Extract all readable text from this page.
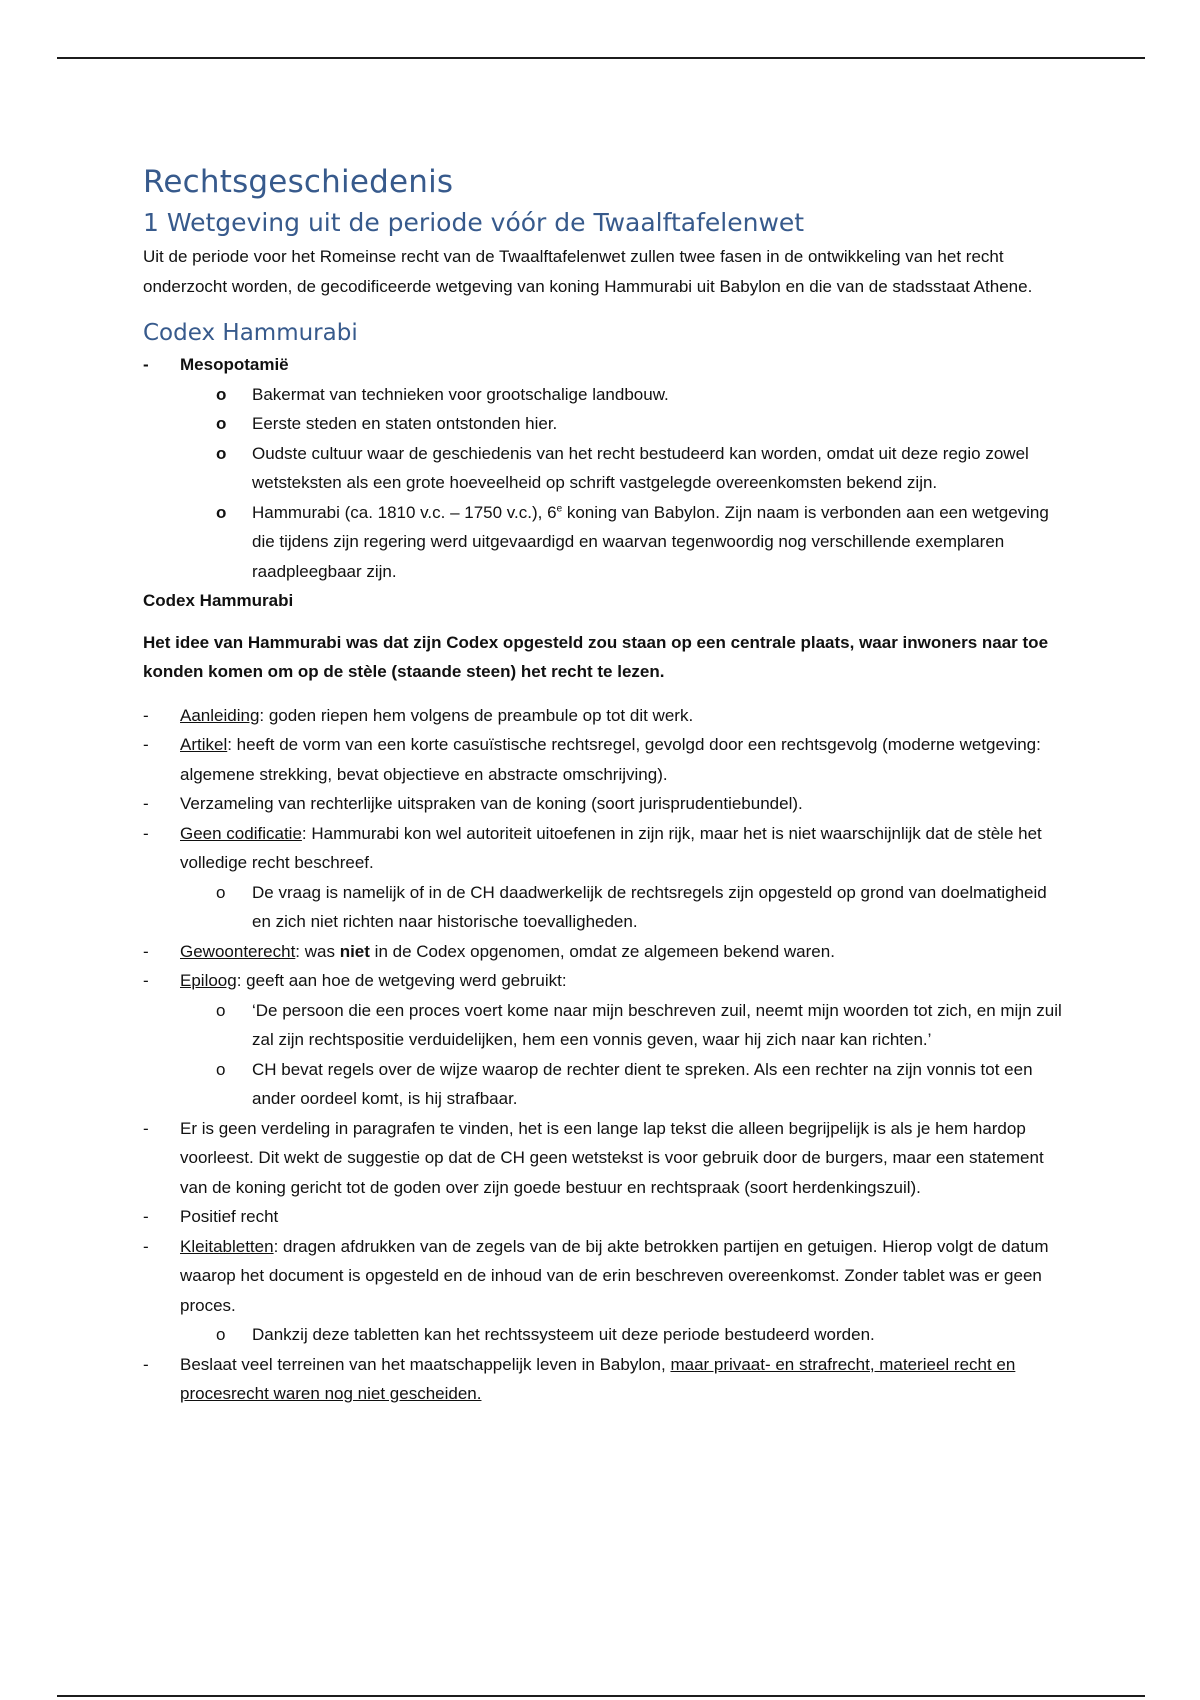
Rechtsgeschiedenis
1 Wetgeving uit de periode vóór de Twaalftafelenwet

Uit de periode voor het Romeinse recht van de Twaalftafelenwet zullen twee fasen in de ontwikkeling van het recht onderzocht worden, de gecodificeerde wetgeving van koning Hammurabi uit Babylon en die van de stadsstaat Athene.

Codex Hammurabi
- Mesopotamië
o Bakermat van technieken voor grootschalige landbouw.
o Eerste steden en staten ontstonden hier.
o Oudste cultuur waar de geschiedenis van het recht bestudeerd kan worden, omdat uit deze regio zowel wetsteksten als een grote hoeveelheid op schrift vastgelegde overeenkomsten bekend zijn.
o Hammurabi (ca. 1810 v.c. – 1750 v.c.), 6e koning van Babylon. Zijn naam is verbonden aan een wetgeving die tijdens zijn regering werd uitgevaardigd en waarvan tegenwoordig nog verschillende exemplaren raadpleegbaar zijn.

Codex Hammurabi

Het idee van Hammurabi was dat zijn Codex opgesteld zou staan op een centrale plaats, waar inwoners naar toe konden komen om op de stèle (staande steen) het recht te lezen.

- Aanleiding: goden riepen hem volgens de preambule op tot dit werk.
- Artikel: heeft de vorm van een korte casuïstische rechtsregel, gevolgd door een rechtsgevolg (moderne wetgeving: algemene strekking, bevat objectieve en abstracte omschrijving).
- Verzameling van rechterlijke uitspraken van de koning (soort jurisprudentiebundel).
- Geen codificatie: Hammurabi kon wel autoriteit uitoefenen in zijn rijk, maar het is niet waarschijnlijk dat de stèle het volledige recht beschreef.
o De vraag is namelijk of in de CH daadwerkelijk de rechtsregels zijn opgesteld op grond van doelmatigheid en zich niet richten naar historische toevalligheden.
- Gewoonterecht: was niet in de Codex opgenomen, omdat ze algemeen bekend waren.
- Epiloog: geeft aan hoe de wetgeving werd gebruikt:
o ‘De persoon die een proces voert kome naar mijn beschreven zuil, neemt mijn woorden tot zich, en mijn zuil zal zijn rechtspositie verduidelijken, hem een vonnis geven, waar hij zich naar kan richten.’
o CH bevat regels over de wijze waarop de rechter dient te spreken. Als een rechter na zijn vonnis tot een ander oordeel komt, is hij strafbaar.
- Er is geen verdeling in paragrafen te vinden, het is een lange lap tekst die alleen begrijpelijk is als je hem hardop voorleest. Dit wekt de suggestie op dat de CH geen wetstekst is voor gebruik door de burgers, maar een statement van de koning gericht tot de goden over zijn goede bestuur en rechtspraak (soort herdenkingszuil).
- Positief recht
- Kleitabletten: dragen afdrukken van de zegels van de bij akte betrokken partijen en getuigen. Hierop volgt de datum waarop het document is opgesteld en de inhoud van de erin beschreven overeenkomst. Zonder tablet was er geen proces.
o Dankzij deze tabletten kan het rechtssysteem uit deze periode bestudeerd worden.
- Beslaat veel terreinen van het maatschappelijk leven in Babylon, maar privaat- en strafrecht, materieel recht en procesrecht waren nog niet gescheiden.
